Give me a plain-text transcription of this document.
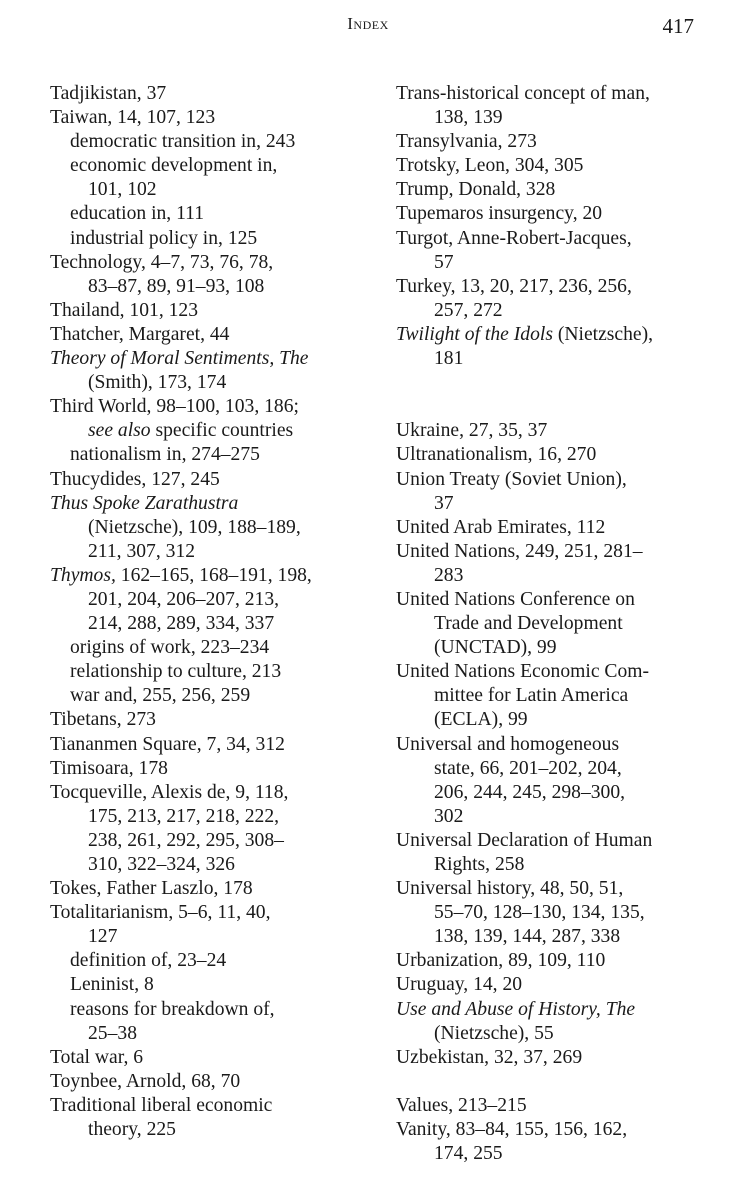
Index	417
Tadjikistan, 37
Taiwan, 14, 107, 123
democratic transition in, 243
economic development in,
101, 102
education in, 111
industrial policy in, 125
Technology, 4–7, 73, 76, 78,
83–87, 89, 91–93, 108
Thailand, 101, 123
Thatcher, Margaret, 44
Theory of Moral Sentiments, The
(Smith), 173, 174
Third World, 98–100, 103, 186;
see also specific countries
nationalism in, 274–275
Thucydides, 127, 245
Thus Spoke Zarathustra
(Nietzsche), 109, 188–189,
211, 307, 312
Thymos, 162–165, 168–191, 198,
201, 204, 206–207, 213,
214, 288, 289, 334, 337
origins of work, 223–234
relationship to culture, 213
war and, 255, 256, 259
Tibetans, 273
Tiananmen Square, 7, 34, 312
Timisoara, 178
Tocqueville, Alexis de, 9, 118,
175, 213, 217, 218, 222,
238, 261, 292, 295, 308–
310, 322–324, 326
Tokes, Father Laszlo, 178
Totalitarianism, 5–6, 11, 40,
127
definition of, 23–24
Leninist, 8
reasons for breakdown of,
25–38
Total war, 6
Toynbee, Arnold, 68, 70
Traditional liberal economic
theory, 225
Trans-historical concept of man,
138, 139
Transylvania, 273
Trotsky, Leon, 304, 305
Trump, Donald, 328
Tupemaros insurgency, 20
Turgot, Anne-Robert-Jacques,
57
Turkey, 13, 20, 217, 236, 256,
257, 272
Twilight of the Idols (Nietzsche),
181
Ukraine, 27, 35, 37
Ultranationalism, 16, 270
Union Treaty (Soviet Union),
37
United Arab Emirates, 112
United Nations, 249, 251, 281–
283
United Nations Conference on
Trade and Development
(UNCTAD), 99
United Nations Economic Com-
mittee for Latin America
(ECLA), 99
Universal and homogeneous
state, 66, 201–202, 204,
206, 244, 245, 298–300,
302
Universal Declaration of Human
Rights, 258
Universal history, 48, 50, 51,
55–70, 128–130, 134, 135,
138, 139, 144, 287, 338
Urbanization, 89, 109, 110
Uruguay, 14, 20
Use and Abuse of History, The
(Nietzsche), 55
Uzbekistan, 32, 37, 269
Values, 213–215
Vanity, 83–84, 155, 156, 162,
174, 255
